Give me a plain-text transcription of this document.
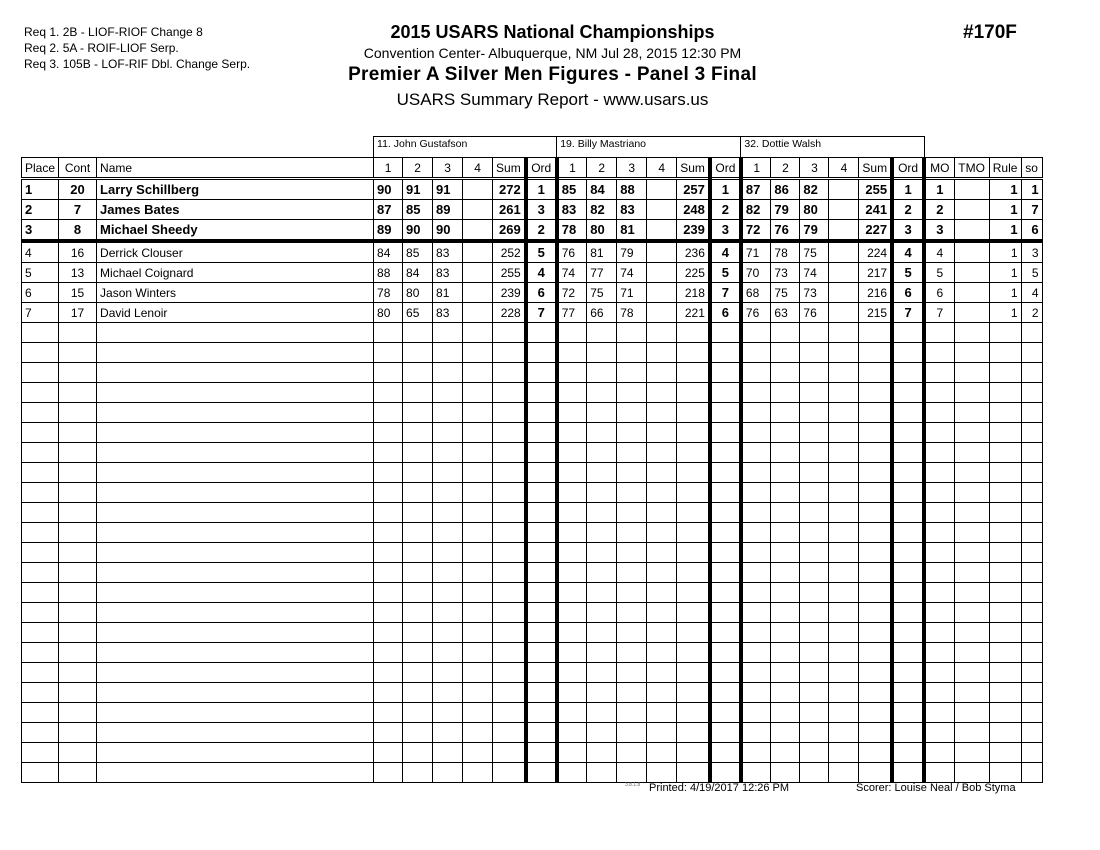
Req 1. 2B - LIOF-RIOF Change 8
Req 2. 5A - ROIF-LIOF Serp.
Req 3. 105B - LOF-RIF Dbl. Change Serp.
2015 USARS National Championships
Convention Center- Albuquerque, NM Jul 28, 2015 12:30 PM
Premier A Silver Men Figures - Panel 3 Final
USARS Summary Report - www.usars.us
#170F
			11. John Gustafson						19. Billy Mastriano						32. Dottie Walsh									
Place	Cont	Name	1	2	3	4	Sum	Ord	1	2	3	4	Sum	Ord	1	2	3	4	Sum	Ord	MO	TMO	Rule	so
1	20	Larry Schillberg	90	91	91		272	1	85	84	88		257	1	87	86	82		255	1	1		1	1
2	7	James Bates	87	85	89		261	3	83	82	83		248	2	82	79	80		241	2	2		1	7
3	8	Michael Sheedy	89	90	90		269	2	78	80	81		239	3	72	76	79		227	3	3		1	6
4	16	Derrick Clouser	84	85	83		252	5	76	81	79		236	4	71	78	75		224	4	4		1	3
5	13	Michael Coignard	88	84	83		255	4	74	77	74		225	5	70	73	74		217	5	5		1	5
6	15	Jason Winters	78	80	81		239	6	72	75	71		218	7	68	75	73		216	6	6		1	4
7	17	David Lenoir	80	65	83		228	7	77	66	78		221	6	76	63	76		215	7	7		1	2

3.8.1.8 Printed: 4/19/2017 12:26 PM	Scorer: Louise Neal / Bob Styma
